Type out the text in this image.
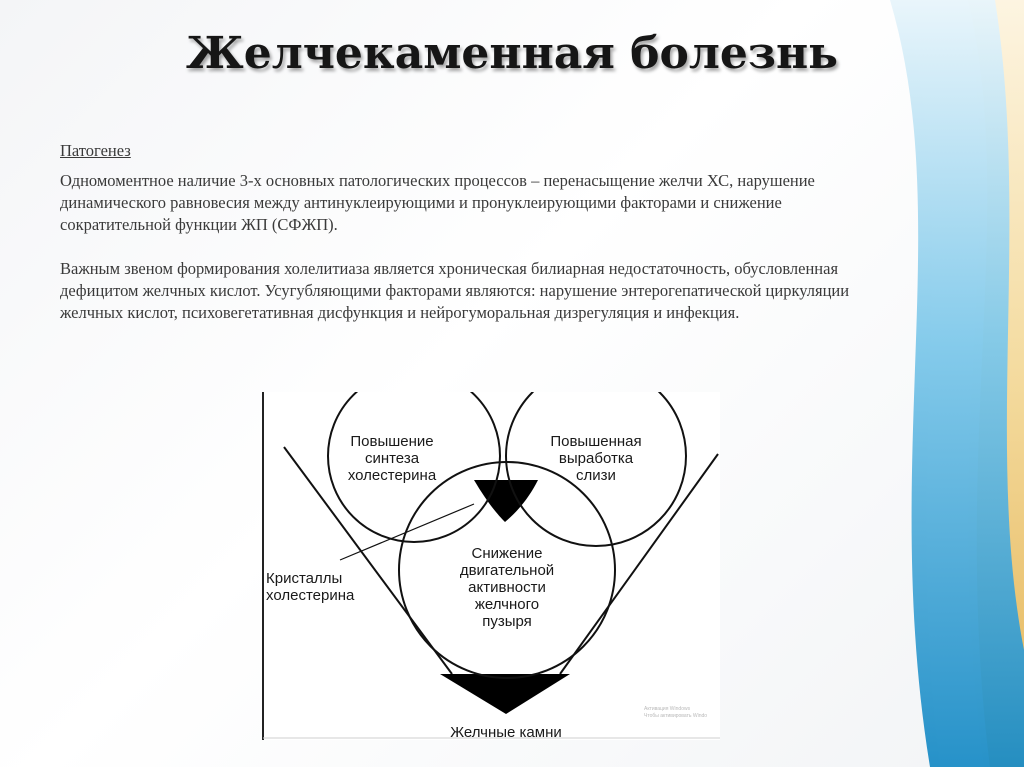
Желчекаменная болезнь

Патогенез

Одномоментное наличие 3-х основных патологических процессов – перенасыщение желчи ХС, нарушение динамического равновесия между антинуклеирующими и пронуклеирующими факторами и снижение сократительной функции ЖП (СФЖП).

Важным звеном формирования холелитиаза является хроническая билиарная недостаточность, обусловленная дефицитом желчных кислот. Усугубляющими факторами являются: нарушение энтерогепатической циркуляции желчных кислот, психовегетативная дисфункция и нейрогуморальная дизрегуляция и инфекция.

Повышение
синтеза
холестерина
Повышенная
выработка
слизи
Снижение
двигательной
активности
желчного
пузыря
Кристаллы
холестерина
Желчные камни
Активация Windows
Чтобы активировать Windo
